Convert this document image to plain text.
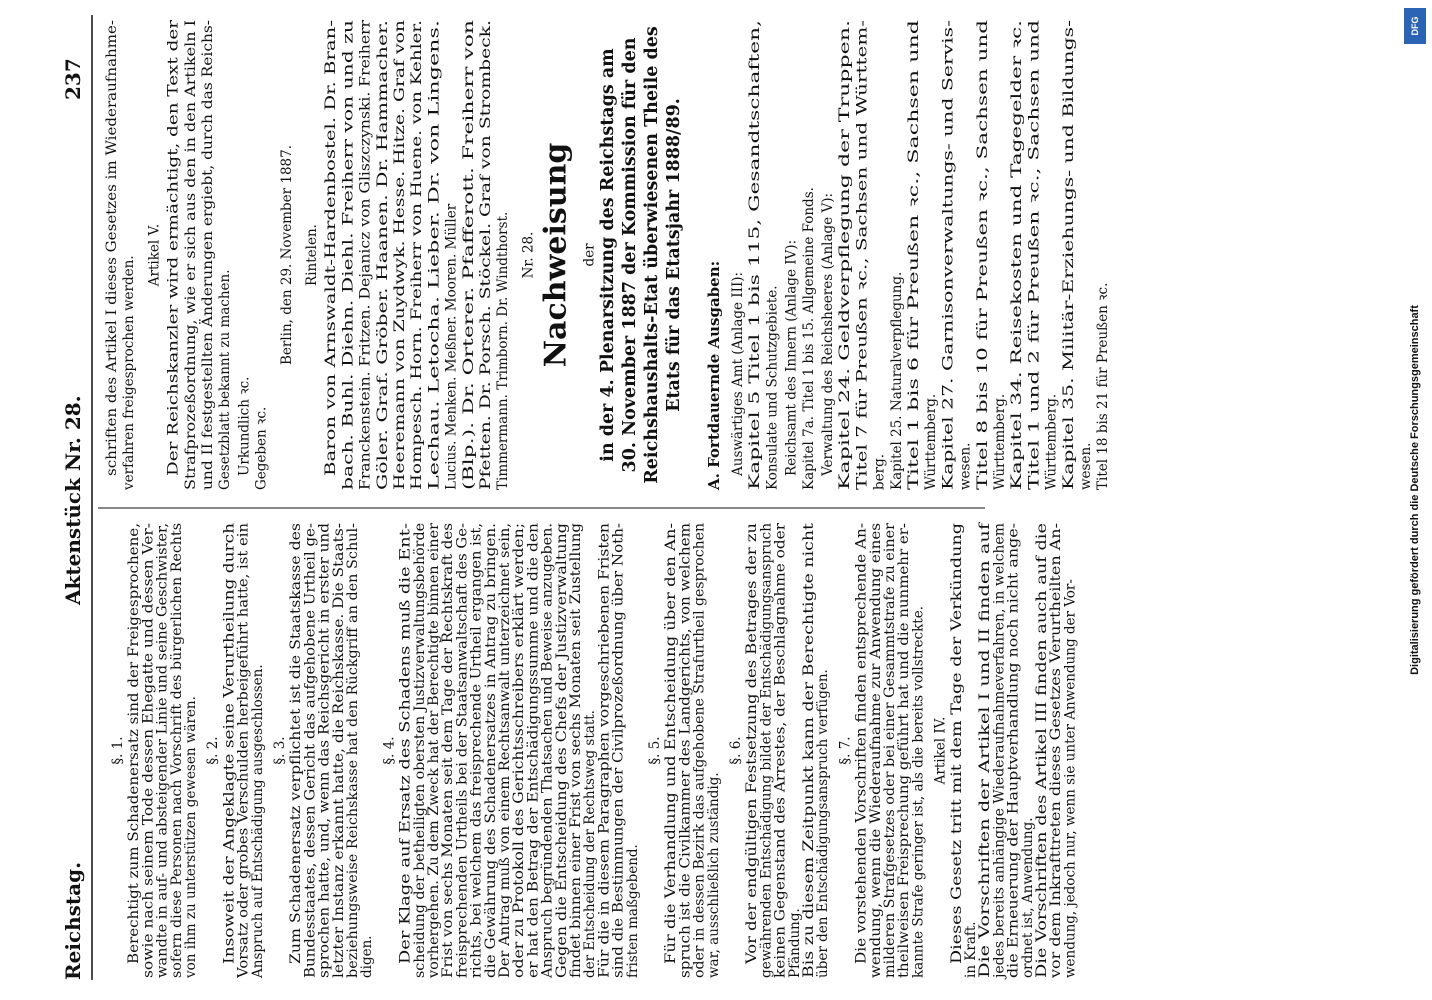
Reichstag.
Aktenstück Nr. 28.
237
§. 1. Berechtigt zum Schadenersatz sind der Freigesprochene,
sowie nach seinem Tode dessen Ehegatte und dessen Ver-
wandte in auf- und absteigender Linie und seine Geschwister,
sofern diese Personen nach Vorschrift des bürgerlichen Rechts
von ihm zu unterstützen gewesen wären. §. 2. Insoweit der Angeklagte seine Verurtheilung durch
Vorsatz oder grobes Verschulden herbeigeführt hatte, ist ein
Anspruch auf Entschädigung ausgeschlossen. §. 3. Zum Schadenersatz verpflichtet ist die Staatskasse des
Bundesstaates, dessen Gericht das aufgehobene Urtheil ge-
sprochen hatte, und, wenn das Reichsgericht in erster und
letzter Instanz erkannt hatte, die Reichskasse. Die Staats-
beziehungsweise Reichskasse hat den Rückgriff an den Schul-
digen.
§. 4. Der Klage auf Ersatz des Schadens muß die Ent-
scheidung der betheiligten obersten Justizverwaltungsbehörde
vorhergehen. Zu dem Zweck hat der Berechtigte binnen einer
Frist von sechs Monaten seit dem Tage der Rechtskraft des
freisprechenden Urtheils bei der Staatsanwaltschaft des Ge-
richts, bei welchem das freisprechende Urtheil ergangen ist,
die Gewährung des Schadenersatzes in Antrag zu bringen.
Der Antrag muß von einem Rechtsanwalt unterzeichnet sein,
oder zu Protokoll des Gerichtsschreibers erklärt werden;
er hat den Betrag der Entschädigungssumme und die den
Anspruch begründenden Thatsachen und Beweise anzugeben.
Gegen die Entscheidung des Chefs der Justizverwaltung
findet binnen einer Frist von sechs Monaten seit Zustellung
der Entscheidung der Rechtsweg statt.
Für die in diesem Paragraphen vorgeschriebenen Fristen
sind die Bestimmungen der Civilprozeßordnung über Noth-
fristen maßgebend.
§. 5. Für die Verhandlung und Entscheidung über den An-
spruch ist die Civilkammer des Landgerichts, von welchem
oder in dessen Bezirk das aufgehobene Strafurtheil gesprochen
war, ausschließlich zuständig.
§. 6. Vor der endgültigen Festsetzung des Betrages der zu
gewährenden Entschädigung bildet der Entschädigungsanspruch
keinen Gegenstand des Arrestes, der Beschlagnahme oder
Pfändung.
Bis zu diesem Zeitpunkt kann der Berechtigte nicht
über den Entschädigungsanspruch verfügen. §. 7. Die vorstehenden Vorschriften finden entsprechende An-
wendung, wenn die Wiederaufnahme zur Anwendung eines
milderen Strafgesetzes oder bei einer Gesammtstrafe zu einer
theilweisen Freisprechung geführt hat und die nunmehr er-
kannte Strafe geringer ist, als die bereits vollstreckte. Artikel IV. Dieses Gesetz tritt mit dem Tage der Verkündung
in Kraft.
Die Vorschriften der Artikel I und II finden auf
jedes bereits anhängige Wiederaufnahmeverfahren, in welchem
die Erneuerung der Hauptverhandlung noch nicht ange-
ordnet ist, Anwendung.
Die Vorschriften des Artikel III finden auch auf die
vor dem Inkrafttreten dieses Gesetzes Verurtheilten An-
wendung, jedoch nur, wenn sie unter Anwendung der Vor-
schriften des Artikel I dieses Gesetzes im Wiederaufnahme- verfahren freigesprochen werden.
Artikel V. Der Reichskanzler wird ermächtigt, den Text der Strafprozeßordnung, wie er sich aus den in den Artikeln I und II festgestellten Änderungen ergiebt, durch das Reichs- Gesetzblatt bekannt zu machen. Urkundlich ꝛc. Gegeben ꝛc.
Berlin, den 29. November 1887. Rintelen. Baron von Arnswaldt-Hardenbostel. Dr. Bran- bach. Buhl. Diehn. Diehl. Freiherr von und zu Franckenstein. Fritzen. Dejanicz von Gliszczynski. Freiherr Göler. Graf. Gröber. Haanen. Dr. Hammacher. Heeremann von Zuydwyk. Hesse. Hitze. Graf von Hompesch. Horn. Freiherr von Huene. von Kehler. Lechau. Letocha. Lieber. Dr. von Lingens. Lucius. Menken. Meßner. Mooren. Müller (Blp.). Dr. Orterer. Pfafferott. Freiherr von Pfetten. Dr. Porsch. Stöckel. Graf von Strombeck. Timmermann. Trimborn. Dr. Windthorst. Nr. 28. Nachweisung der in der 4. Plenarsitzung des Reichstags am 30. November 1887 der Kommission für den Reichshaushalts-Etat überwiesenen Theile des Etats für das Etatsjahr 1888/89. A. Fortdauernde Ausgaben: Auswärtiges Amt (Anlage III): Kapitel 5 Titel 1 bis 115, Gesandtschaften, Konsulate und Schutzgebiete. Reichsamt des Innern (Anlage IV): Kapitel 7a. Titel 1 bis 15. Allgemeine Fonds. Verwaltung des Reichsheeres (Anlage V): Kapitel 24. Geldverpflegung der Truppen. Titel 7 für Preußen ꝛc., Sachsen und Württem- berg. Kapitel 25. Naturalverpflegung. Titel 1 bis 6 für Preußen ꝛc., Sachsen und Württemberg. Kapitel 27. Garnisonverwaltungs- und Servis- wesen. Titel 8 bis 10 für Preußen ꝛc., Sachsen und Württemberg. Kapitel 34. Reisekosten und Tagegelder ꝛc. Titel 1 und 2 für Preußen ꝛc., Sachsen und Württemberg. Kapitel 35. Militär-Erziehungs- und Bildungs- wesen. Titel 18 bis 21 für Preußen ꝛc.
DFG
Digitalisierung gefördert durch die Deutsche Forschungsgemeinschaft
